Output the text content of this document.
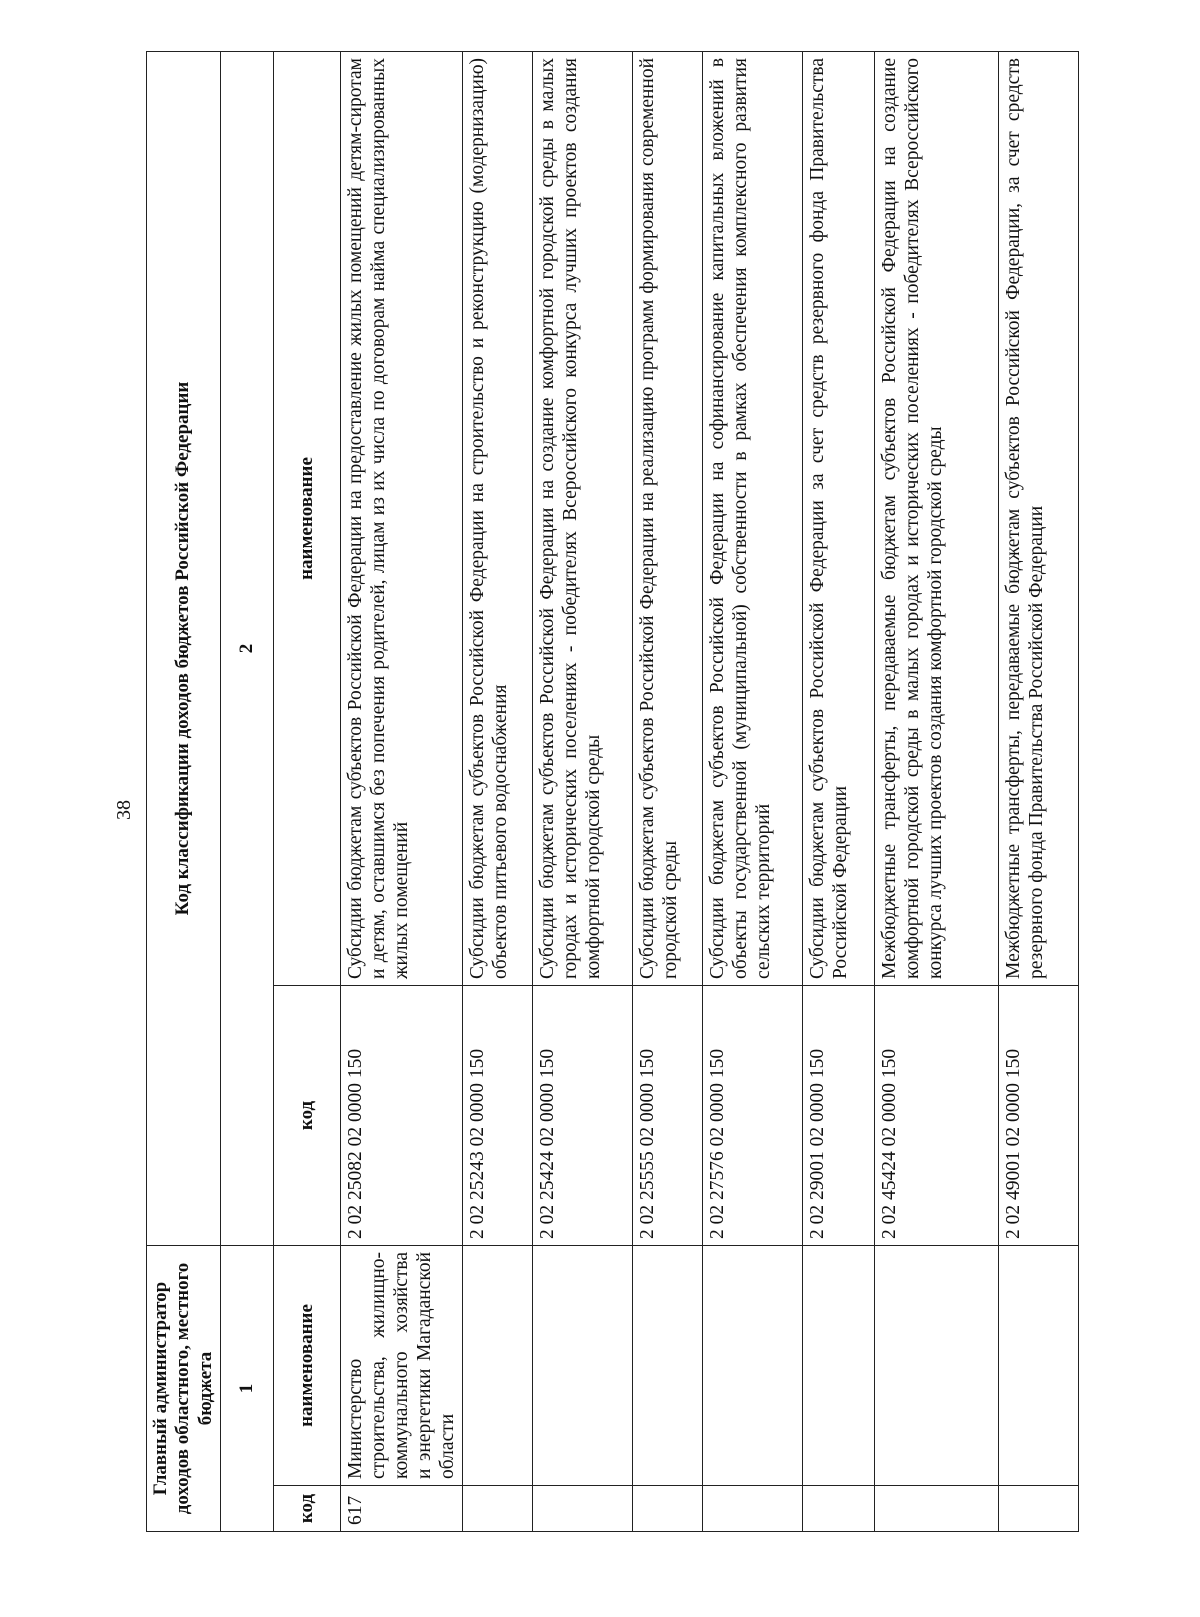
38
Главный администратор доходов областного, местного бюджета		Код классификации доходов бюджетов Российской Федерации	
1		2	
код	наименование	код	наименование
617	Министерство строительства, жилищно-коммунального хозяйства и энергетики Магаданской области	2 02 25082 02 0000 150	Субсидии бюджетам субъектов Российской Федерации на предоставление жилых помещений детям-сиротам и детям, оставшимся без попечения родителей, лицам из их числа по договорам найма специализированных жилых помещений
		2 02 25243 02 0000 150	Субсидии бюджетам субъектов Российской Федерации на строительство и реконструкцию (модернизацию) объектов питьевого водоснабжения
		2 02 25424 02 0000 150	Субсидии бюджетам субъектов Российской Федерации на создание комфортной городской среды в малых городах и исторических поселениях - победителях Всероссийского конкурса лучших проектов создания комфортной городской среды
		2 02 25555 02 0000 150	Субсидии бюджетам субъектов Российской Федерации на реализацию программ формирования современной городской среды
		2 02 27576 02 0000 150	Субсидии бюджетам субъектов Российской Федерации на софинансирование капитальных вложений в объекты государственной (муниципальной) собственности в рамках обеспечения комплексного развития сельских территорий
		2 02 29001 02 0000 150	Субсидии бюджетам субъектов Российской Федерации за счет средств резервного фонда Правительства Российской Федерации
		2 02 45424 02 0000 150	Межбюджетные трансферты, передаваемые бюджетам субъектов Российской Федерации на создание комфортной городской среды в малых городах и исторических поселениях - победителях Всероссийского конкурса лучших проектов создания комфортной городской среды
		2 02 49001 02 0000 150	Межбюджетные трансферты, передаваемые бюджетам субъектов Российской Федерации, за счет средств резервного фонда Правительства Российской Федерации
